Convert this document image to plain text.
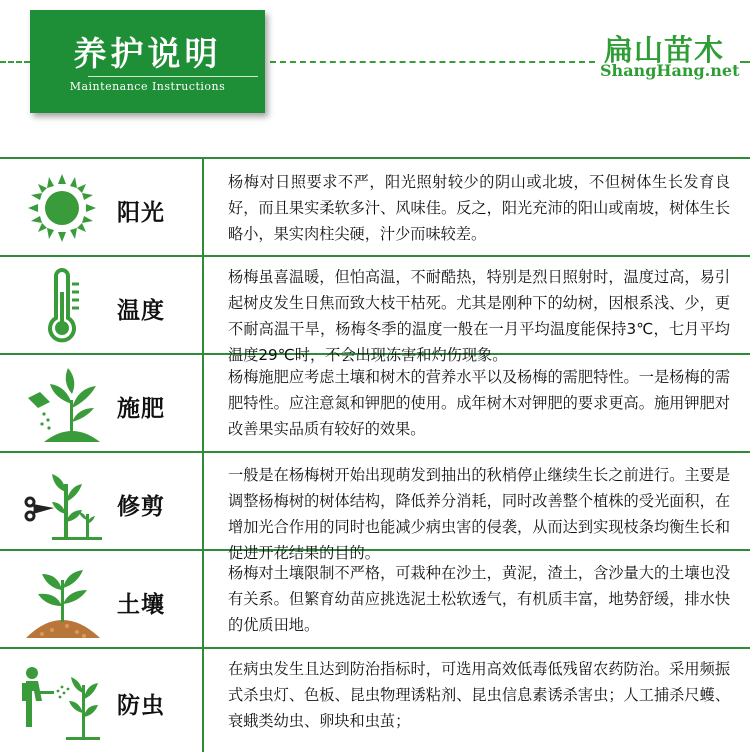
养护说明
Maintenance Instructions
扁山苗木
ShangHang.net
阳光

杨梅对日照要求不严，阳光照射较少的阴山或北坡，不但树体生长发育良好，而且果实柔软多汁、风味佳。反之，阳光充沛的阳山或南坡，树体生长略小，果实肉柱尖硬，汁少而味较差。

温度

杨梅虽喜温暖，但怕高温，不耐酷热，特别是烈日照射时，温度过高，易引起树皮发生日焦而致大枝干枯死。尤其是刚种下的幼树，因根系浅、少，更不耐高温干旱，杨梅冬季的温度一般在一月平均温度能保持3℃，七月平均温度29℃时，不会出现冻害和灼伤现象。

施肥

杨梅施肥应考虑土壤和树木的营养水平以及杨梅的需肥特性。一是杨梅的需肥特性。应注意氮和钾肥的使用。成年树木对钾肥的要求更高。施用钾肥对改善果实品质有较好的效果。

修剪

一般是在杨梅树开始出现萌发到抽出的秋梢停止继续生长之前进行。主要是调整杨梅树的树体结构，降低养分消耗，同时改善整个植株的受光面积，在增加光合作用的同时也能减少病虫害的侵袭，从而达到实现枝条均衡生长和促进开花结果的目的。

土壤

杨梅对土壤限制不严格，可栽种在沙土，黄泥，渣土，含沙量大的土壤也没有关系。但繁育幼苗应挑选泥土松软透气，有机质丰富，地势舒缓，排水快的优质田地。

防虫

在病虫发生且达到防治指标时，可选用高效低毒低残留农药防治。采用频振式杀虫灯、色板、昆虫物理诱粘剂、昆虫信息素诱杀害虫；人工捕杀尺蠖、衰蛾类幼虫、卵块和虫茧；
